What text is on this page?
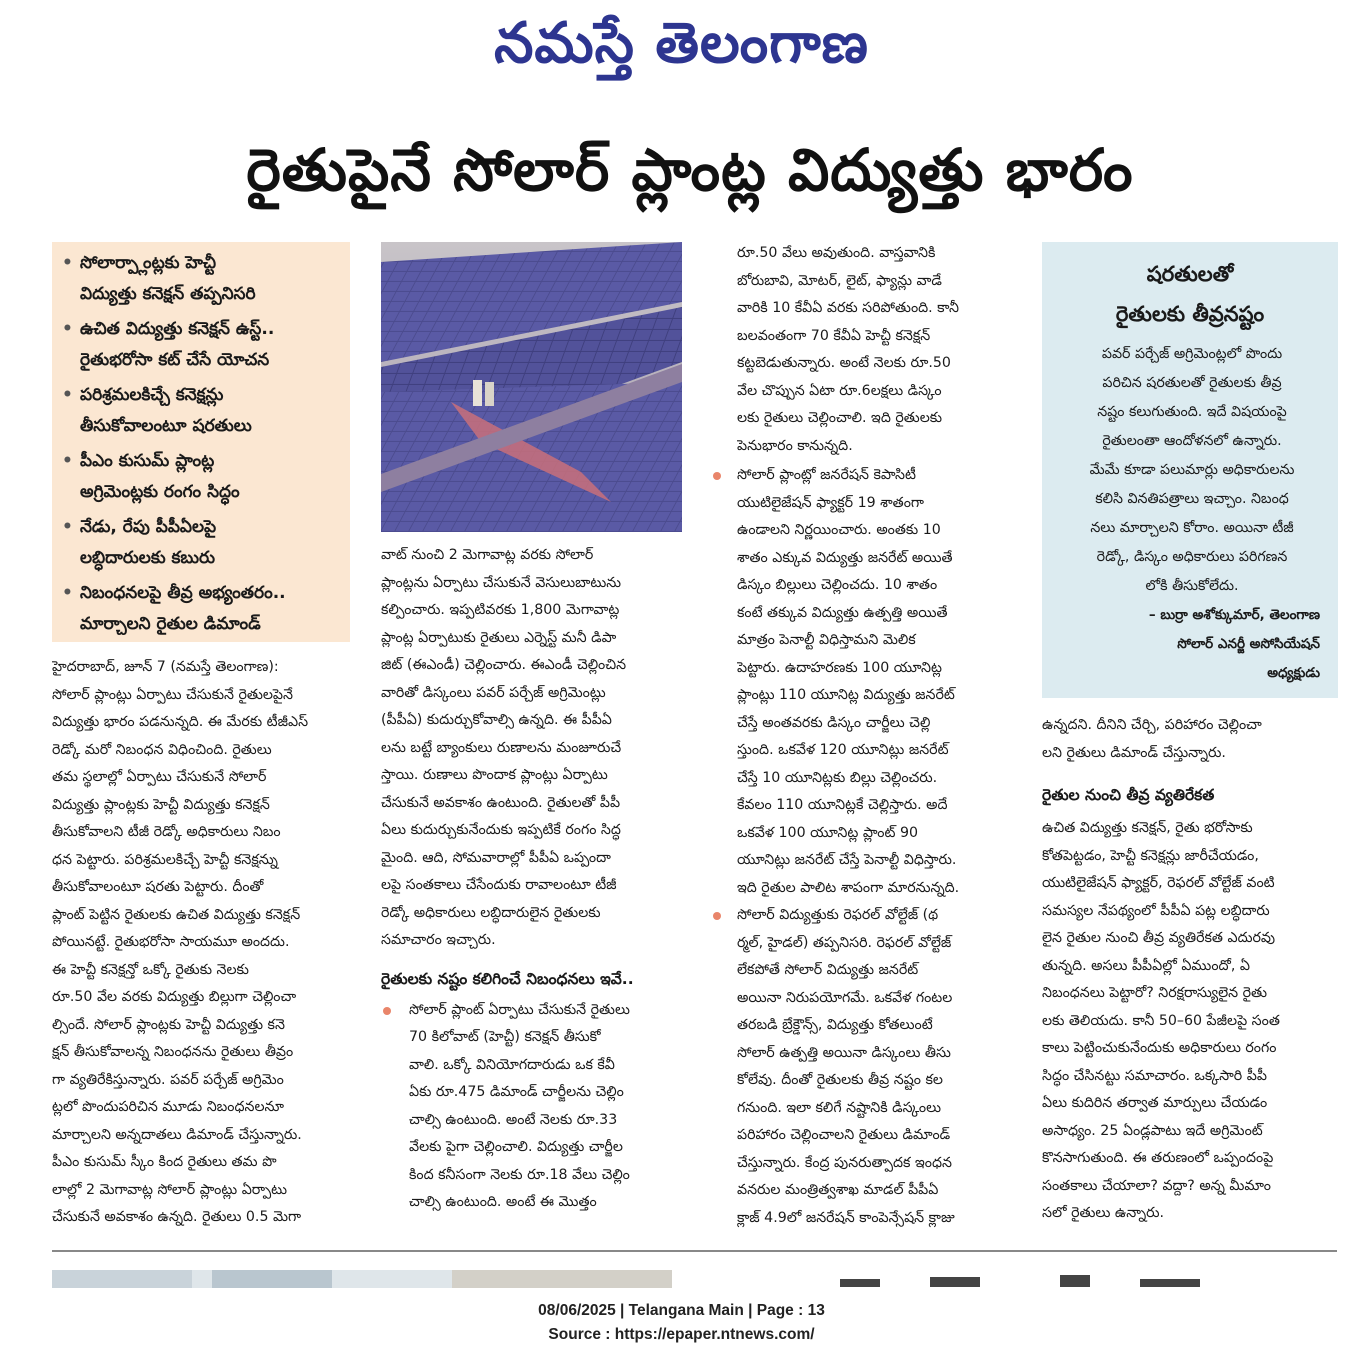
నమస్తే తెలంగాణ
రైతుపైనే సోలార్ ప్లాంట్ల విద్యుత్తు భారం
• సోలార్ప్లాంట్లకు హెచ్టీ
విద్యుత్తు కనెక్షన్ తప్పనిసరి
• ఉచిత విద్యుత్తు కనెక్షన్ ఉస్ట్..
రైతుభరోసా కట్ చేసే యోచన
• పరిశ్రమలకిచ్చే కనెక్షన్లు
తీసుకోవాలంటూ షరతులు
• పీఎం కుసుమ్ ప్లాంట్ల
అగ్రిమెంట్లకు రంగం సిద్ధం
• నేడు, రేపు పీపీఏలపై
లబ్ధిదారులకు కబురు
• నిబంధనలపై తీవ్ర అభ్యంతరం..
మార్చాలని రైతుల డిమాండ్
హైదరాబాద్, జూన్ 7 (నమస్తే తెలంగాణ):
సోలార్ ప్లాంట్లు ఏర్పాటు చేసుకునే రైతులపైనే
విద్యుత్తు భారం పడనున్నది. ఈ మేరకు టీజీఎస్
రెడ్కో మరో నిబంధన విధించింది. రైతులు
తమ స్థలాల్లో ఏర్పాటు చేసుకునే సోలార్
విద్యుత్తు ప్లాంట్లకు హెచ్టీ విద్యుత్తు కనెక్షన్
తీసుకోవాలని టీజీ రెడ్కో అధికారులు నిబం
ధన పెట్టారు. పరిశ్రమలకిచ్చే హెచ్టీ కనెక్షన్ను
తీసుకోవాలంటూ షరతు పెట్టారు. దీంతో
ప్లాంట్ పెట్టిన రైతులకు ఉచిత విద్యుత్తు కనెక్షన్
పోయినట్టే. రైతుభరోసా సాయమూ అందదు.
ఈ హెచ్టీ కనెక్షన్తో ఒక్కో రైతుకు నెలకు
రూ.50 వేల వరకు విద్యుత్తు బిల్లుగా చెల్లించా
ల్సిందే. సోలార్ ప్లాంట్లకు హెచ్టీ విద్యుత్తు కనె
క్షన్ తీసుకోవాలన్న నిబంధనను రైతులు తీవ్రం
గా వ్యతిరేకిస్తున్నారు. పవర్ పర్చేజ్ అగ్రిమెం
ట్లలో పొందుపరిచిన మూడు నిబంధనలనూ
మార్చాలని అన్నదాతలు డిమాండ్ చేస్తున్నారు.
పీఎం కుసుమ్ స్కీం కింద రైతులు తమ పొ
లాల్లో 2 మెగావాట్ల సోలార్ ప్లాంట్లు ఏర్పాటు
చేసుకునే అవకాశం ఉన్నది. రైతులు 0.5 మెగా
వాట్ నుంచి 2 మెగావాట్ల వరకు సోలార్
ప్లాంట్లను ఏర్పాటు చేసుకునే వెసులుబాటును
కల్పించారు. ఇప్పటివరకు 1,800 మెగావాట్ల
ప్లాంట్ల ఏర్పాటుకు రైతులు ఎర్నెస్ట్ మనీ డిపా
జిట్ (ఈఎండీ) చెల్లించారు. ఈఎండీ చెల్లించిన
వారితో డిస్కంలు పవర్ పర్చేజ్ అగ్రిమెంట్లు
(పీపీఏ) కుదుర్చుకోవాల్సి ఉన్నది. ఈ పీపీఏ
లను బట్టే బ్యాంకులు రుణాలను మంజూరుచే
స్తాయి. రుణాలు పొందాక ప్లాంట్లు ఏర్పాటు
చేసుకునే అవకాశం ఉంటుంది. రైతులతో పీపీ
ఏలు కుదుర్చుకునేందుకు ఇప్పటికే రంగం సిద్ధ
మైంది. ఆది, సోమవారాల్లో పీపీఏ ఒప్పందా
లపై సంతకాలు చేసేందుకు రావాలంటూ టీజీ
రెడ్కో అధికారులు లబ్ధిదారులైన రైతులకు
సమాచారం ఇచ్చారు.
రైతులకు నష్టం కలిగించే నిబంధనలు ఇవే..
సోలార్ ప్లాంట్ ఏర్పాటు చేసుకునే రైతులు
70 కిలోవాట్ (హెచ్టీ) కనెక్షన్ తీసుకో
వాలి. ఒక్కో వినియోగదారుడు ఒక కేవీ
ఏకు రూ.475 డిమాండ్ చార్జీలను చెల్లిం
చాల్సి ఉంటుంది. అంటే నెలకు రూ.33
వేలకు పైగా చెల్లించాలి. విద్యుత్తు చార్జీల
కింద కనీసంగా నెలకు రూ.18 వేలు చెల్లిం
చాల్సి ఉంటుంది. అంటే ఈ మొత్తం
రూ.50 వేలు అవుతుంది. వాస్తవానికి
బోరుబావి, మోటర్, లైట్, ఫ్యాన్లు వాడే
వారికి 10 కేవీఏ వరకు సరిపోతుంది. కానీ
బలవంతంగా 70 కేవీఏ హెచ్టీ కనెక్షన్
కట్టబెడుతున్నారు. అంటే నెలకు రూ.50
వేల చొప్పున ఏటా రూ.6లక్షలు డిస్కం
లకు రైతులు చెల్లించాలి. ఇది రైతులకు
పెనుభారం కానున్నది.
సోలార్ ప్లాంట్లో జనరేషన్ కెపాసిటీ
యుటిలైజేషన్ ఫ్యాక్టర్ 19 శాతంగా
ఉండాలని నిర్ణయించారు. అంతకు 10
శాతం ఎక్కువ విద్యుత్తు జనరేట్ అయితే
డిస్కం బిల్లులు చెల్లించదు. 10 శాతం
కంటే తక్కువ విద్యుత్తు ఉత్పత్తి అయితే
మాత్రం పెనాల్టీ విధిస్తామని మెలిక
పెట్టారు. ఉదాహరణకు 100 యూనిట్ల
ప్లాంట్లు 110 యూనిట్ల విద్యుత్తు జనరేట్
చేస్తే అంతవరకు డిస్కం చార్జీలు చెల్లి
స్తుంది. ఒకవేళ 120 యూనిట్లు జనరేట్
చేస్తే 10 యూనిట్లకు బిల్లు చెల్లించరు.
కేవలం 110 యూనిట్లకే చెల్లిస్తారు. అదే
ఒకవేళ 100 యూనిట్ల ప్లాంట్ 90
యూనిట్లు జనరేట్ చేస్తే పెనాల్టీ విధిస్తారు.
ఇది రైతుల పాలిట శాపంగా మారనున్నది.
సోలార్ విద్యుత్తుకు రెఫరల్ వోల్టేజ్ (థ
ర్మల్, హైడల్) తప్పనిసరి. రెఫరల్ వోల్టేజ్
లేకపోతే సోలార్ విద్యుత్తు జనరేట్
అయినా నిరుపయోగమే. ఒకవేళ గంటల
తరబడి బ్రేక్డౌన్స్, విద్యుత్తు కోతలుంటే
సోలార్ ఉత్పత్తి అయినా డిస్కంలు తీసు
కోలేవు. దీంతో రైతులకు తీవ్ర నష్టం కల
గనుంది. ఇలా కలిగే నష్టానికి డిస్కంలు
పరిహారం చెల్లించాలని రైతులు డిమాండ్
చేస్తున్నారు. కేంద్ర పునరుత్పాదక ఇంధన
వనరుల మంత్రిత్వశాఖ మాడల్ పీపీఏ
క్లాజ్ 4.9లో జనరేషన్ కాంపెన్సేషన్ క్లాజు
షరతులతో
రైతులకు తీవ్రనష్టం
పవర్ పర్చేజ్ అగ్రిమెంట్లలో పొందు
పరిచిన షరతులతో రైతులకు తీవ్ర
నష్టం కలుగుతుంది. ఇదే విషయంపై
రైతులంతా ఆందోళనలో ఉన్నారు.
మేమే కూడా పలుమార్లు అధికారులను
కలిసి వినతిపత్రాలు ఇచ్చాం. నిబంధ
నలు మార్చాలని కోరాం. అయినా టీజీ
రెడ్కో, డిస్కం అధికారులు పరిగణన
లోకి తీసుకోలేదు.
– బుర్రా అశోక్కుమార్, తెలంగాణ
సోలార్ ఎనర్జీ అసోసియేషన్
అధ్యక్షుడు
ఉన్నదని. దీనిని చేర్చి, పరిహారం చెల్లించా
లని రైతులు డిమాండ్ చేస్తున్నారు.
రైతుల నుంచి తీవ్ర వ్యతిరేకత
ఉచిత విద్యుత్తు కనెక్షన్, రైతు భరోసాకు
కోతపెట్టడం, హెచ్టీ కనెక్షన్లు జారీచేయడం,
యుటిలైజేషన్ ఫ్యాక్టర్, రెఫరల్ వోల్టేజ్ వంటి
సమస్యల నేపథ్యంలో పీపీఏ పట్ల లబ్ధిదారు
లైన రైతుల నుంచి తీవ్ర వ్యతిరేకత ఎదురవు
తున్నది. అసలు పీపీఏల్లో ఏముందో, ఏ
నిబంధనలు పెట్టారో? నిరక్షరాస్యులైన రైతు
లకు తెలియదు. కానీ 50–60 పేజీలపై సంత
కాలు పెట్టించుకునేందుకు అధికారులు రంగం
సిద్ధం చేసినట్టు సమాచారం. ఒక్కసారి పీపీ
ఏలు కుదిరిన తర్వాత మార్పులు చేయడం
అసాధ్యం. 25 ఏండ్లపాటు ఇదే అగ్రిమెంట్
కొనసాగుతుంది. ఈ తరుణంలో ఒప్పందంపై
సంతకాలు చేయాలా? వద్దా? అన్న మీమాం
సలో రైతులు ఉన్నారు.
08/06/2025 | Telangana Main | Page : 13
Source : https://epaper.ntnews.com/
